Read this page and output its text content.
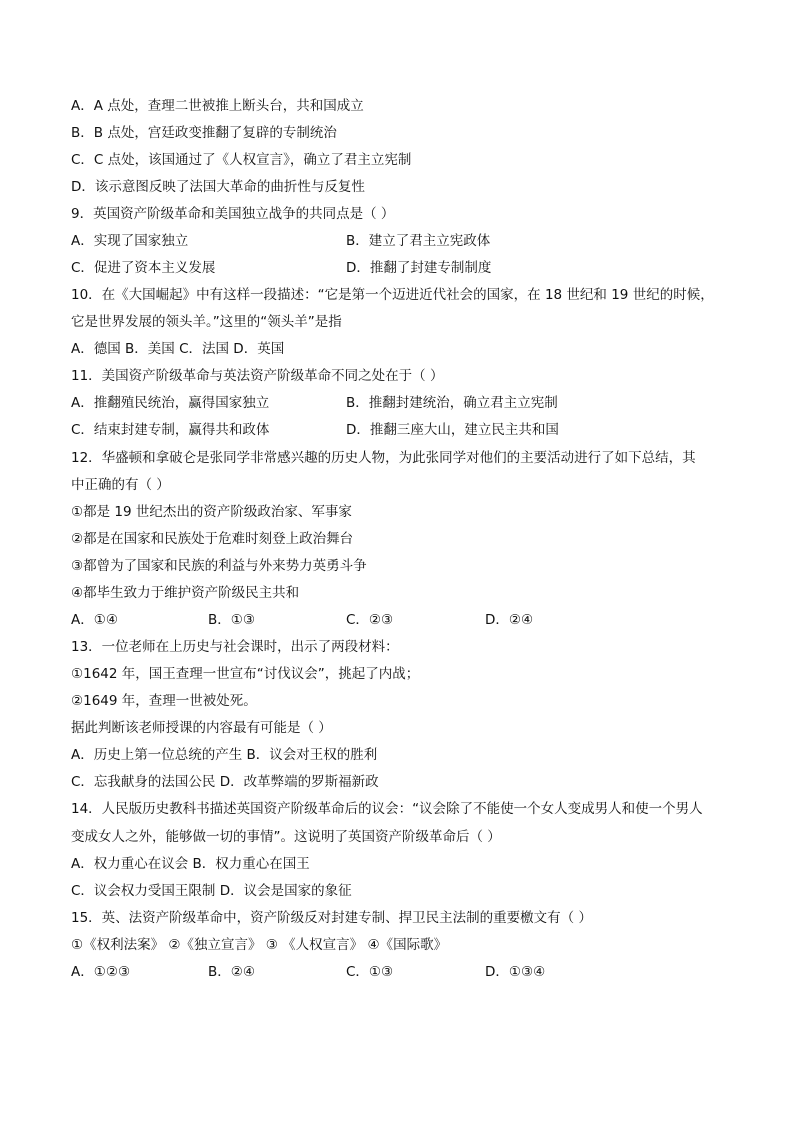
A．A 点处，查理二世被推上断头台，共和国成立
B．B 点处，宫廷政变推翻了复辟的专制统治
C．C 点处，该国通过了《人权宣言》，确立了君主立宪制
D．该示意图反映了法国大革命的曲折性与反复性
9．英国资产阶级革命和美国独立战争的共同点是（ ）
A．实现了国家独立	B．建立了君主立宪政体
C．促进了资本主义发展	D．推翻了封建专制制度
10．在《大国崛起》中有这样一段描述：“它是第一个迈进近代社会的国家，在 18 世纪和 19 世纪的时候，
它是世界发展的领头羊。”这里的“领头羊”是指
A．德国 B．美国 C．法国 D．英国
11．美国资产阶级革命与英法资产阶级革命不同之处在于（ ）
A．推翻殖民统治，赢得国家独立	B．推翻封建统治，确立君主立宪制
C．结束封建专制，赢得共和政体	D．推翻三座大山，建立民主共和国
12．华盛顿和拿破仑是张同学非常感兴趣的历史人物，为此张同学对他们的主要活动进行了如下总结，其
中正确的有（ ）
①都是 19 世纪杰出的资产阶级政治家、军事家
②都是在国家和民族处于危难时刻登上政治舞台
③都曾为了国家和民族的利益与外来势力英勇斗争
④都毕生致力于维护资产阶级民主共和
A．①④	B．①③	C．②③	D．②④
13．一位老师在上历史与社会课时，出示了两段材料：
①1642 年，国王查理一世宣布“讨伐议会”，挑起了内战；
②1649 年，查理一世被处死。
据此判断该老师授课的内容最有可能是（ ）
A．历史上第一位总统的产生 B．议会对王权的胜利
C．忘我献身的法国公民 D．改革弊端的罗斯福新政
14．人民版历史教科书描述英国资产阶级革命后的议会：“议会除了不能使一个女人变成男人和使一个男人
变成女人之外，能够做一切的事情”。这说明了英国资产阶级革命后（ ）
A．权力重心在议会 B．权力重心在国王
C．议会权力受国王限制 D．议会是国家的象征
15．英、法资产阶级革命中，资产阶级反对封建专制、捍卫民主法制的重要檄文有（ ）
①《权利法案》 ②《独立宣言》 ③ 《人权宣言》 ④《国际歌》
A．①②③	B．②④	C．①③	D．①③④
